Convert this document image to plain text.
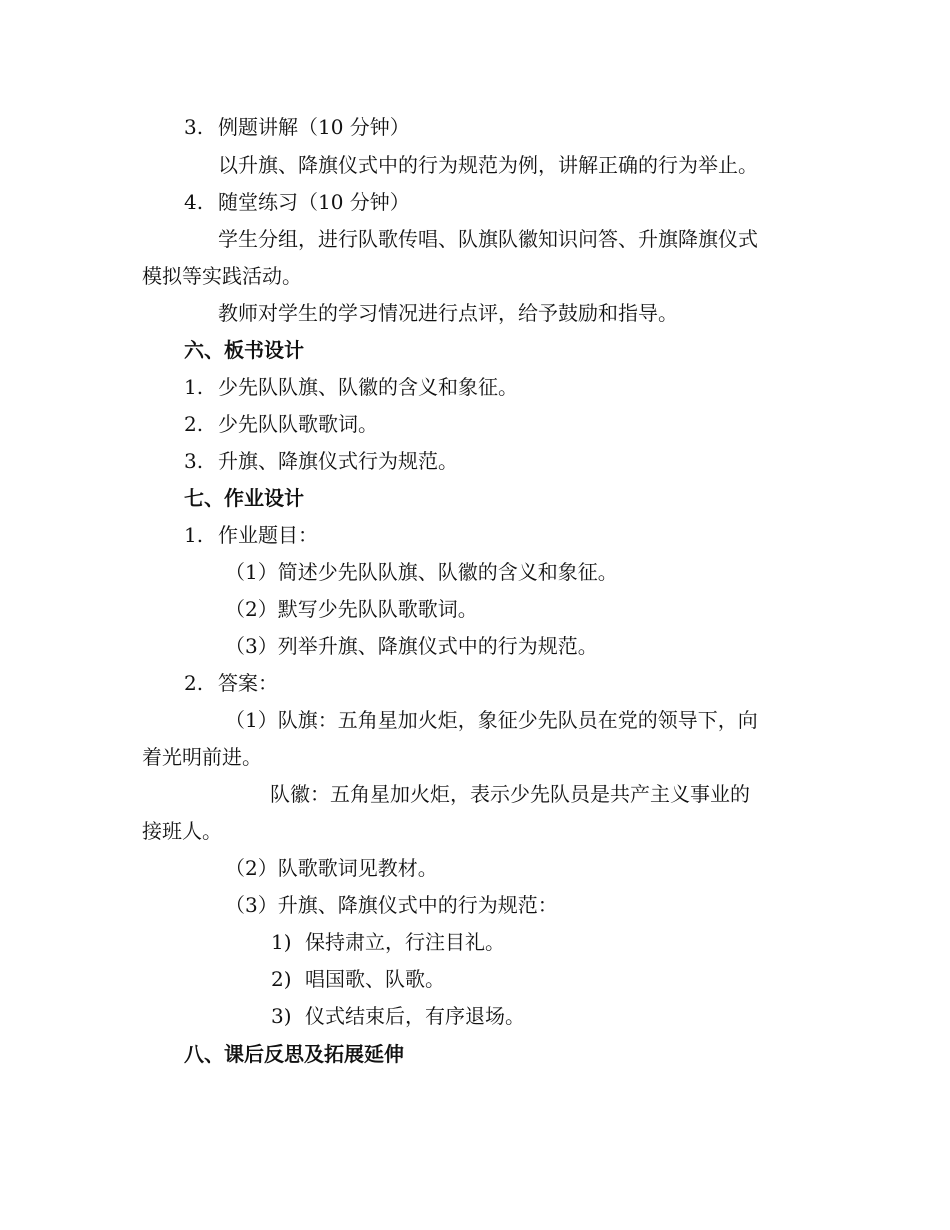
3. 例题讲解（10 分钟）
以升旗、降旗仪式中的行为规范为例，讲解正确的行为举止。
4. 随堂练习（10 分钟）
学生分组，进行队歌传唱、队旗队徽知识问答、升旗降旗仪式
模拟等实践活动。
教师对学生的学习情况进行点评，给予鼓励和指导。
六、板书设计
1. 少先队队旗、队徽的含义和象征。
2. 少先队队歌歌词。
3. 升旗、降旗仪式行为规范。
七、作业设计
1. 作业题目：
（1）简述少先队队旗、队徽的含义和象征。
（2）默写少先队队歌歌词。
（3）列举升旗、降旗仪式中的行为规范。
2. 答案：
（1）队旗：五角星加火炬，象征少先队员在党的领导下，向
着光明前进。
队徽：五角星加火炬，表示少先队员是共产主义事业的
接班人。
（2）队歌歌词见教材。
（3）升旗、降旗仪式中的行为规范：
1) 保持肃立，行注目礼。
2) 唱国歌、队歌。
3) 仪式结束后，有序退场。
八、课后反思及拓展延伸
